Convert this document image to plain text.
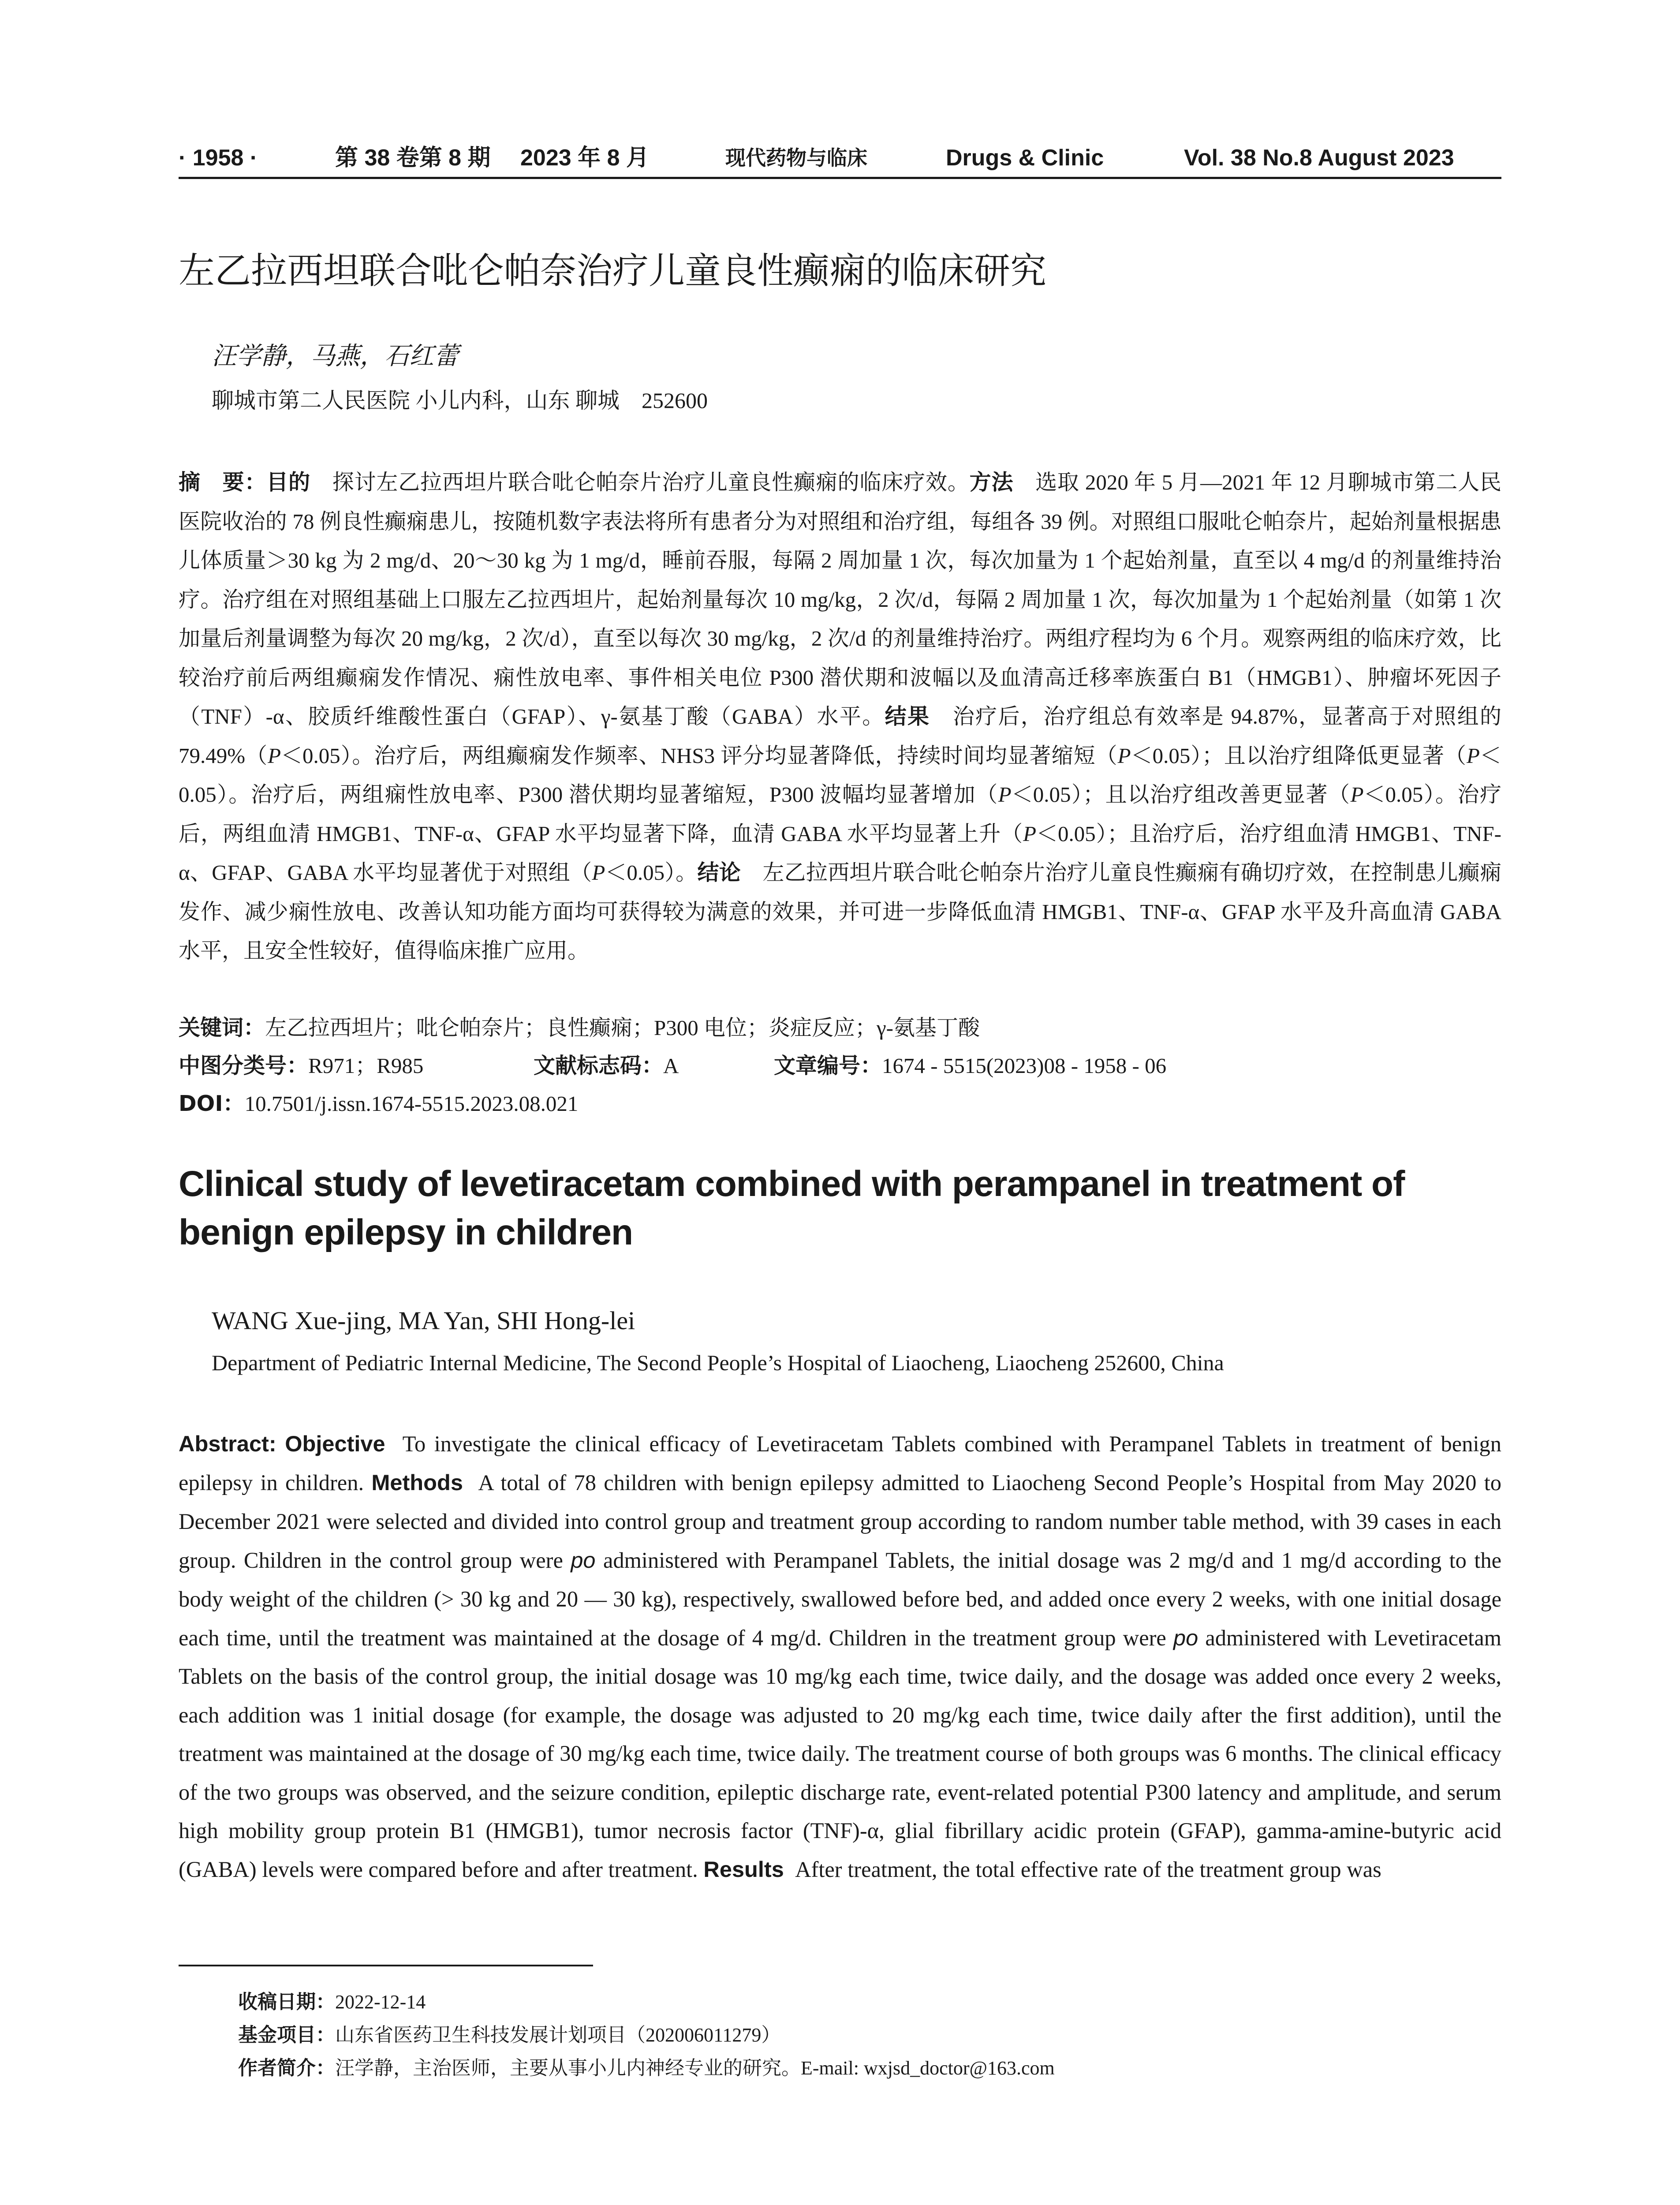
· 1958 ·	第 38 卷第 8 期 2023 年 8 月	现代药物与临床	Drugs & Clinic	Vol. 38 No.8 August 2023
左乙拉西坦联合吡仑帕奈治疗儿童良性癫痫的临床研究
汪学静，马燕，石红蕾
聊城市第二人民医院 小儿内科，山东 聊城　252600
摘　要：目的　探讨左乙拉西坦片联合吡仑帕奈片治疗儿童良性癫痫的临床疗效。方法　选取 2020 年 5 月—2021 年 12 月聊城市第二人民医院收治的 78 例良性癫痫患儿，按随机数字表法将所有患者分为对照组和治疗组，每组各 39 例。对照组口服吡仑帕奈片，起始剂量根据患儿体质量＞30 kg 为 2 mg/d、20～30 kg 为 1 mg/d，睡前吞服，每隔 2 周加量 1 次，每次加量为 1 个起始剂量，直至以 4 mg/d 的剂量维持治疗。治疗组在对照组基础上口服左乙拉西坦片，起始剂量每次 10 mg/kg，2 次/d，每隔 2 周加量 1 次，每次加量为 1 个起始剂量（如第 1 次加量后剂量调整为每次 20 mg/kg，2 次/d），直至以每次 30 mg/kg，2 次/d 的剂量维持治疗。两组疗程均为 6 个月。观察两组的临床疗效，比较治疗前后两组癫痫发作情况、痫性放电率、事件相关电位 P300 潜伏期和波幅以及血清高迁移率族蛋白 B1（HMGB1）、肿瘤坏死因子（TNF）-α、胶质纤维酸性蛋白（GFAP）、γ-氨基丁酸（GABA）水平。结果　治疗后，治疗组总有效率是 94.87%，显著高于对照组的 79.49%（P＜0.05）。治疗后，两组癫痫发作频率、NHS3 评分均显著降低，持续时间均显著缩短（P＜0.05）；且以治疗组降低更显著（P＜0.05）。治疗后，两组痫性放电率、P300 潜伏期均显著缩短，P300 波幅均显著增加（P＜0.05）；且以治疗组改善更显著（P＜0.05）。治疗后，两组血清 HMGB1、TNF-α、GFAP 水平均显著下降，血清 GABA 水平均显著上升（P＜0.05）；且治疗后，治疗组血清 HMGB1、TNF-α、GFAP、GABA 水平均显著优于对照组（P＜0.05）。结论　左乙拉西坦片联合吡仑帕奈片治疗儿童良性癫痫有确切疗效，在控制患儿癫痫发作、减少痫性放电、改善认知功能方面均可获得较为满意的效果，并可进一步降低血清 HMGB1、TNF-α、GFAP 水平及升高血清 GABA 水平，且安全性较好，值得临床推广应用。
关键词：左乙拉西坦片；吡仑帕奈片；良性癫痫；P300 电位；炎症反应；γ-氨基丁酸
中图分类号：R971；R985	文献标志码：A	文章编号：1674 - 5515(2023)08 - 1958 - 06
DOI：10.7501/j.issn.1674-5515.2023.08.021
Clinical study of levetiracetam combined with perampanel in treatment of benign epilepsy in children
WANG Xue-jing, MA Yan, SHI Hong-lei
Department of Pediatric Internal Medicine, The Second People’s Hospital of Liaocheng, Liaocheng 252600, China
Abstract: Objective To investigate the clinical efficacy of Levetiracetam Tablets combined with Perampanel Tablets in treatment of benign epilepsy in children. Methods A total of 78 children with benign epilepsy admitted to Liaocheng Second People’s Hospital from May 2020 to December 2021 were selected and divided into control group and treatment group according to random number table method, with 39 cases in each group. Children in the control group were po administered with Perampanel Tablets, the initial dosage was 2 mg/d and 1 mg/d according to the body weight of the children (> 30 kg and 20 — 30 kg), respectively, swallowed before bed, and added once every 2 weeks, with one initial dosage each time, until the treatment was maintained at the dosage of 4 mg/d. Children in the treatment group were po administered with Levetiracetam Tablets on the basis of the control group, the initial dosage was 10 mg/kg each time, twice daily, and the dosage was added once every 2 weeks, each addition was 1 initial dosage (for example, the dosage was adjusted to 20 mg/kg each time, twice daily after the first addition), until the treatment was maintained at the dosage of 30 mg/kg each time, twice daily. The treatment course of both groups was 6 months. The clinical efficacy of the two groups was observed, and the seizure condition, epileptic discharge rate, event-related potential P300 latency and amplitude, and serum high mobility group protein B1 (HMGB1), tumor necrosis factor (TNF)-α, glial fibrillary acidic protein (GFAP), gamma-amine-butyric acid (GABA) levels were compared before and after treatment. Results After treatment, the total effective rate of the treatment group was
收稿日期：2022-12-14
基金项目：山东省医药卫生科技发展计划项目（202006011279）
作者简介：汪学静，主治医师，主要从事小儿内神经专业的研究。E-mail: wxjsd_doctor@163.com
